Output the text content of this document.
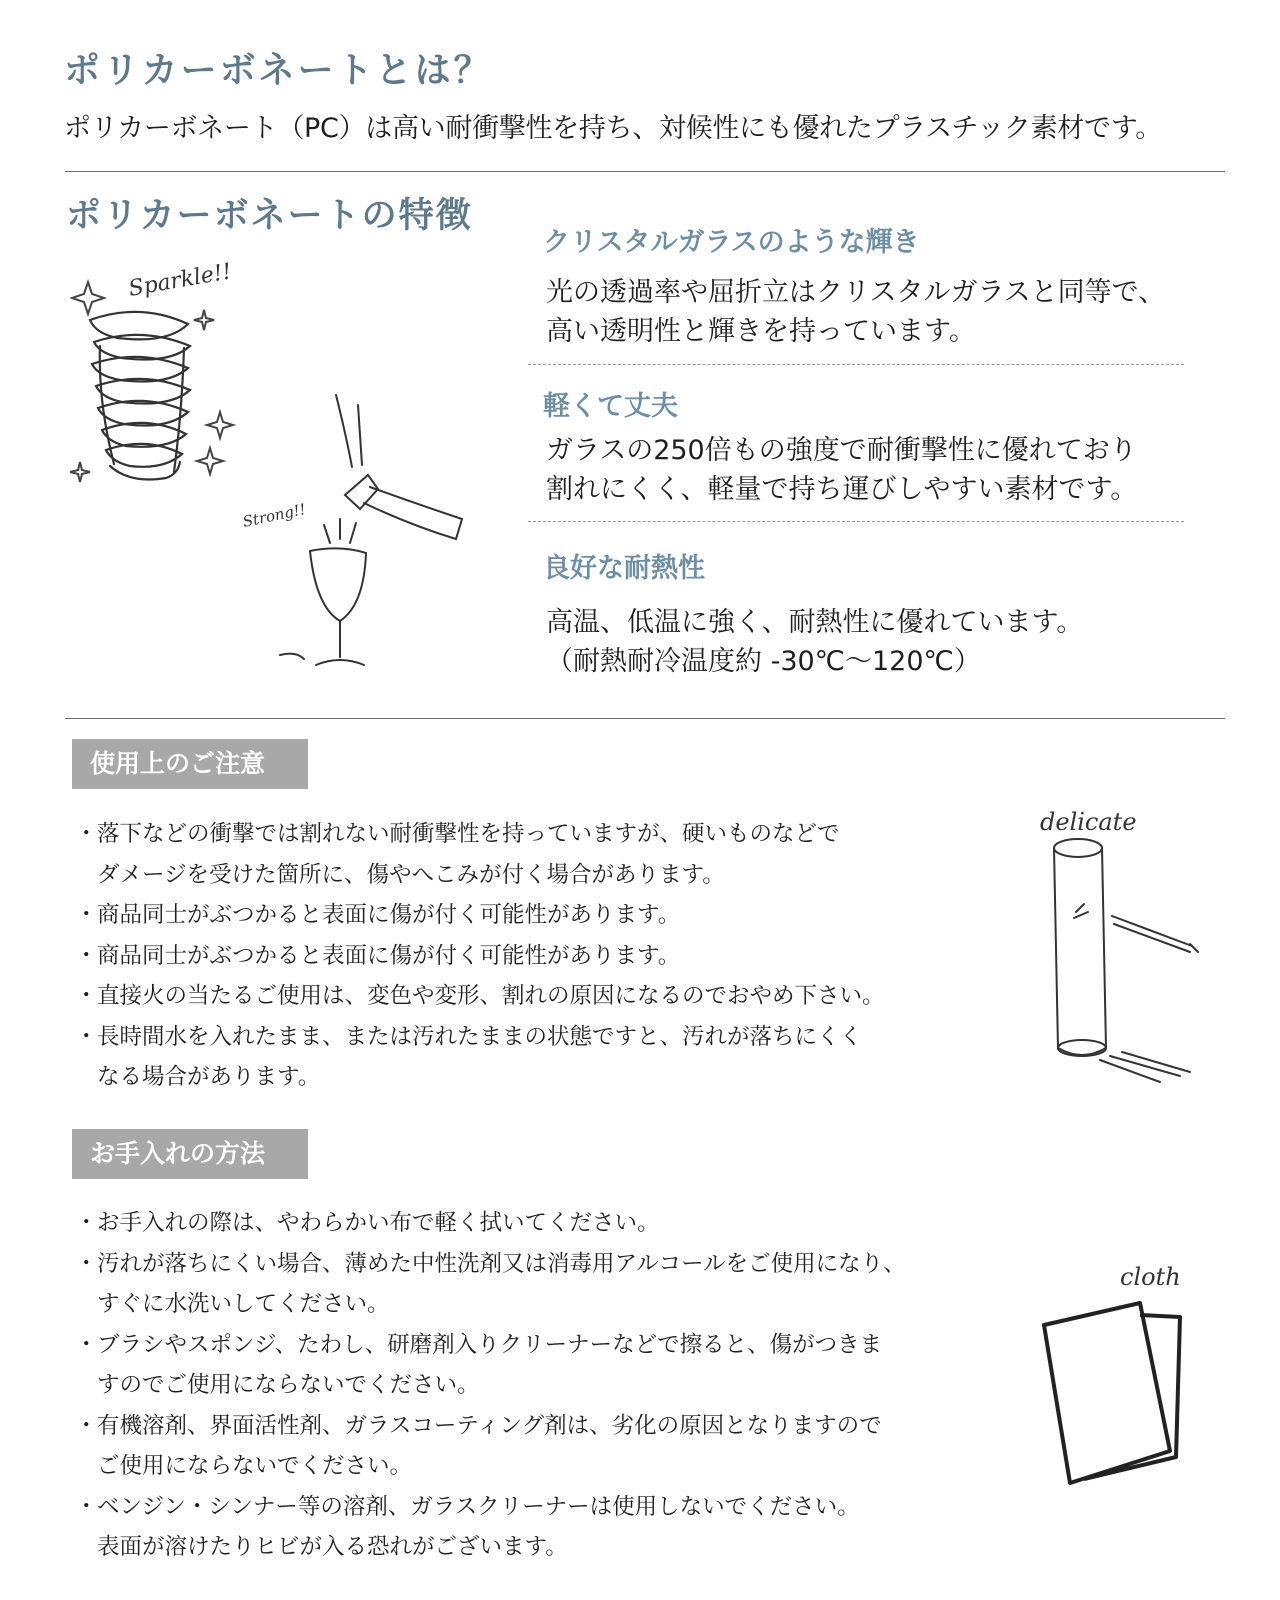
ポリカーボネートとは？
ポリカーボネート（PC）は高い耐衝撃性を持ち、対候性にも優れたプラスチック素材です。
ポリカーボネートの特徴
Sparkle!!
Strong!!
クリスタルガラスのような輝き
光の透過率や屈折立はクリスタルガラスと同等で、
高い透明性と輝きを持っています。
軽くて丈夫
ガラスの250倍もの強度で耐衝撃性に優れており
割れにくく、軽量で持ち運びしやすい素材です。
良好な耐熱性
高温、低温に強く、耐熱性に優れています。
（耐熱耐冷温度約 -30℃〜120℃）
使用上のご注意
・落下などの衝撃では割れない耐衝撃性を持っていますが、硬いものなどで
ダメージを受けた箇所に、傷やへこみが付く場合があります。
・商品同士がぶつかると表面に傷が付く可能性があります。
・商品同士がぶつかると表面に傷が付く可能性があります。
・直接火の当たるご使用は、変色や変形、割れの原因になるのでおやめ下さい。
・長時間水を入れたまま、または汚れたままの状態ですと、汚れが落ちにくく
なる場合があります。
delicate
お手入れの方法
・お手入れの際は、やわらかい布で軽く拭いてください。
・汚れが落ちにくい場合、薄めた中性洗剤又は消毒用アルコールをご使用になり、
すぐに水洗いしてください。
・ブラシやスポンジ、たわし、研磨剤入りクリーナーなどで擦ると、傷がつきま
すのでご使用にならないでください。
・有機溶剤、界面活性剤、ガラスコーティング剤は、劣化の原因となりますので
ご使用にならないでください。
・ベンジン・シンナー等の溶剤、ガラスクリーナーは使用しないでください。
表面が溶けたりヒビが入る恐れがございます。
cloth
